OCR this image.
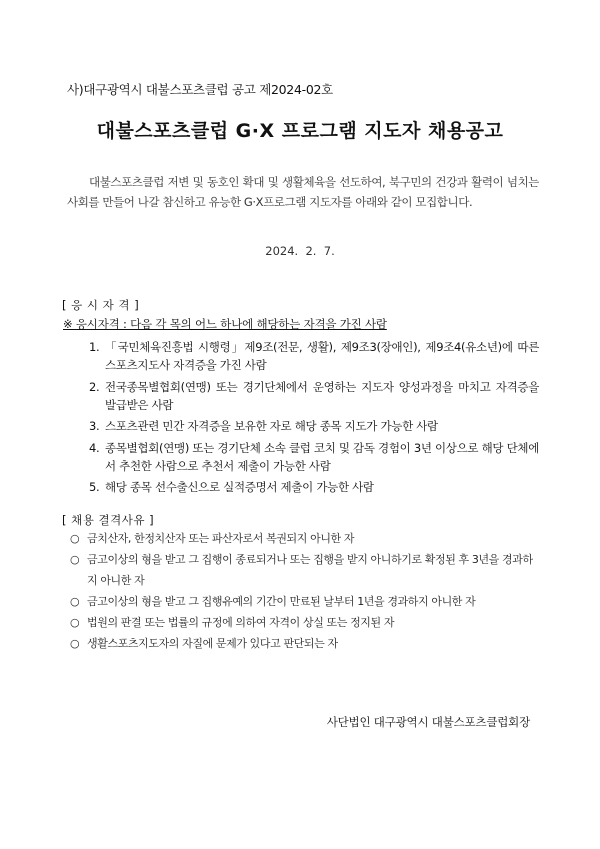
사)대구광역시 대불스포츠클럽 공고 제2024-02호
대불스포츠클럽 G·X 프로그램 지도자 채용공고

대불스포츠클럽 저변 및 동호인 확대 및 생활체육을 선도하여, 북구민의 건강과 활력이 넘치는 사회를 만들어 나갈 참신하고 유능한 G·X프로그램 지도자를 아래와 같이 모집합니다.

2024.  2.  7.
[ 응 시 자 격 ]
※ 응시자격 : 다음 각 목의 어느 하나에 해당하는 자격을 가진 사람
1. 「국민체육진흥법 시행령」제9조(전문, 생활), 제9조3(장애인), 제9조4(유소년)에 따른 스포츠지도사 자격증을 가진 사람
2. 전국종목별협회(연맹) 또는 경기단체에서 운영하는 지도자 양성과정을 마치고 자격증을 발급받은 사람
3. 스포츠관련 민간 자격증을 보유한 자로 해당 종목 지도가 가능한 사람
4. 종목별협회(연맹) 또는 경기단체 소속 클럽 코치 및 감독 경험이 3년 이상으로 해당 단체에서 추천한 사람으로 추천서 제출이 가능한 사람
5. 해당 종목 선수출신으로 실적증명서 제출이 가능한 사람
[ 채용 결격사유 ]
○ 금치산자, 한정치산자 또는 파산자로서 복권되지 아니한 자
○ 금고이상의 형을 받고 그 집행이 종료되거나 또는 집행을 받지 아니하기로 확정된 후 3년을 경과하지 아니한 자
○ 금고이상의 형을 받고 그 집행유예의 기간이 만료된 날부터 1년을 경과하지 아니한 자
○ 법원의 판결 또는 법률의 규정에 의하여 자격이 상실 또는 정지된 자
○ 생활스포츠지도자의 자질에 문제가 있다고 판단되는 자
사단법인 대구광역시 대불스포츠클럽회장
